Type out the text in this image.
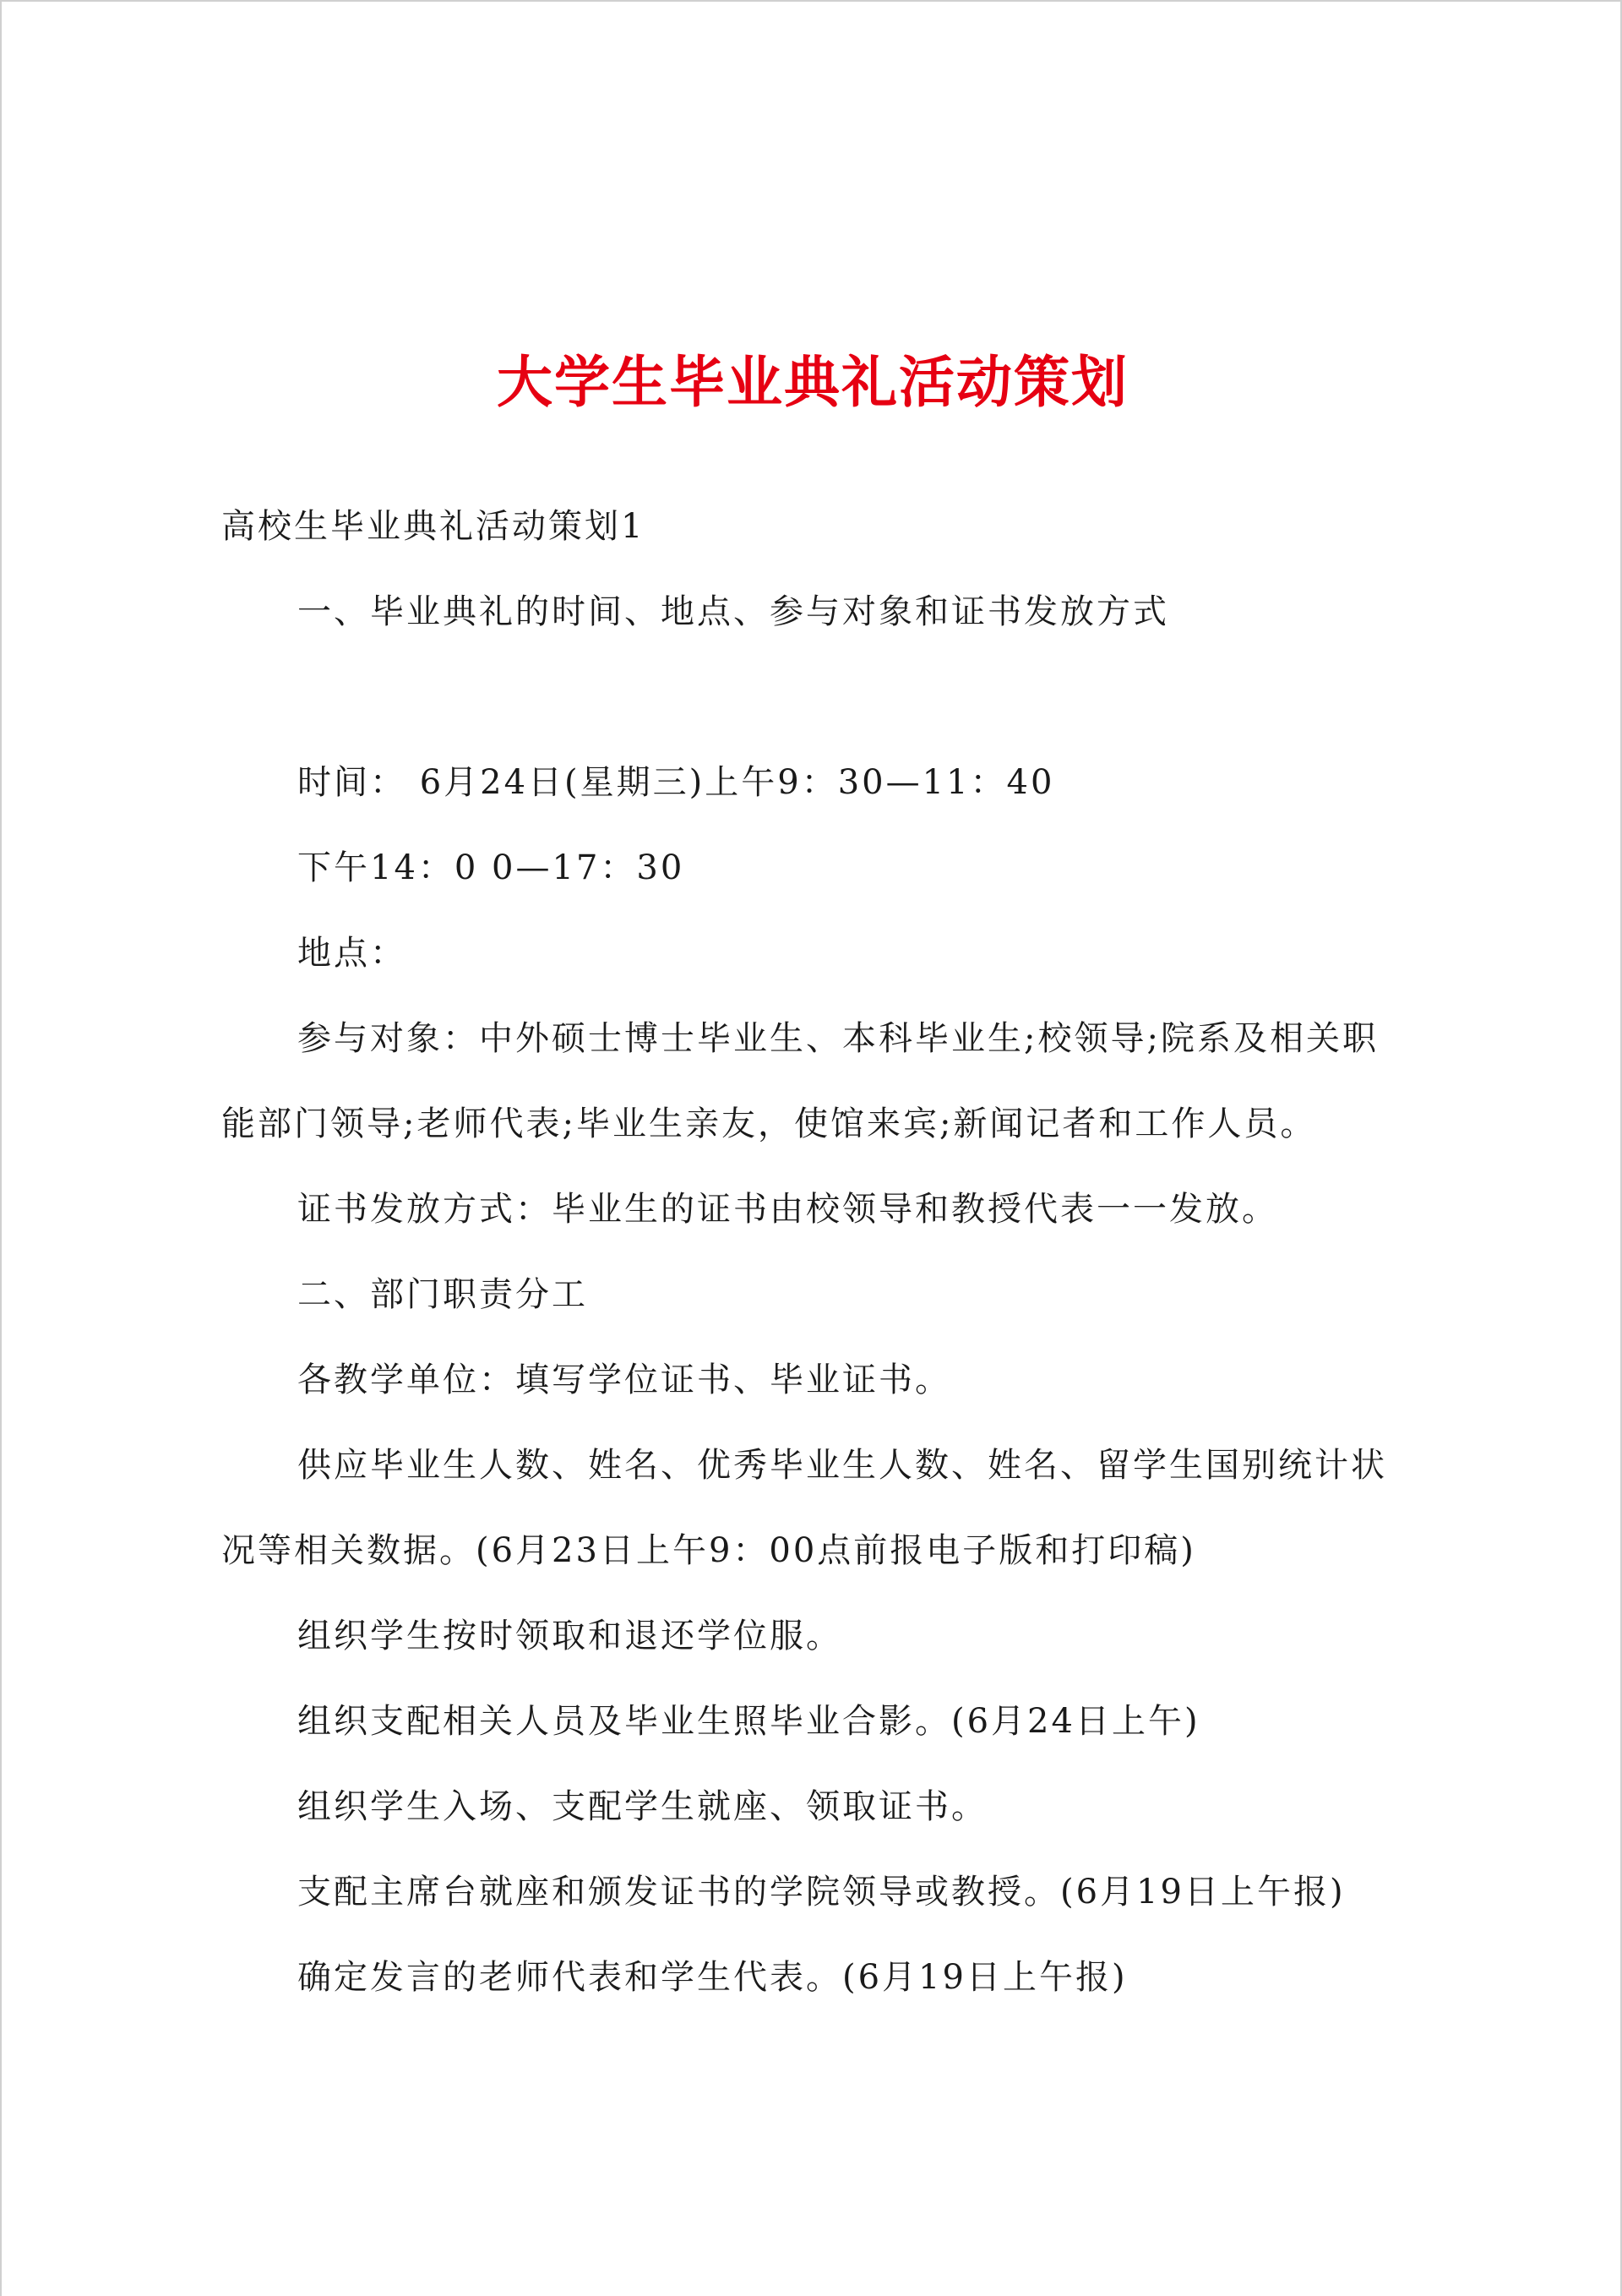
大学生毕业典礼活动策划
高校生毕业典礼活动策划1
一、毕业典礼的时间、地点、参与对象和证书发放方式
时间： 6月24日(星期三)上午9：30—11：40
下午14：0 0—17：30
地点：
参与对象：中外硕士博士毕业生、本科毕业生;校领导;院系及相关职
能部门领导;老师代表;毕业生亲友，使馆来宾;新闻记者和工作人员。
证书发放方式：毕业生的证书由校领导和教授代表一一发放。
二、部门职责分工
各教学单位：填写学位证书、毕业证书。
供应毕业生人数、姓名、优秀毕业生人数、姓名、留学生国别统计状
况等相关数据。(6月23日上午9：00点前报电子版和打印稿)
组织学生按时领取和退还学位服。
组织支配相关人员及毕业生照毕业合影。(6月24日上午)
组织学生入场、支配学生就座、领取证书。
支配主席台就座和颁发证书的学院领导或教授。(6月19日上午报)
确定发言的老师代表和学生代表。(6月19日上午报)
